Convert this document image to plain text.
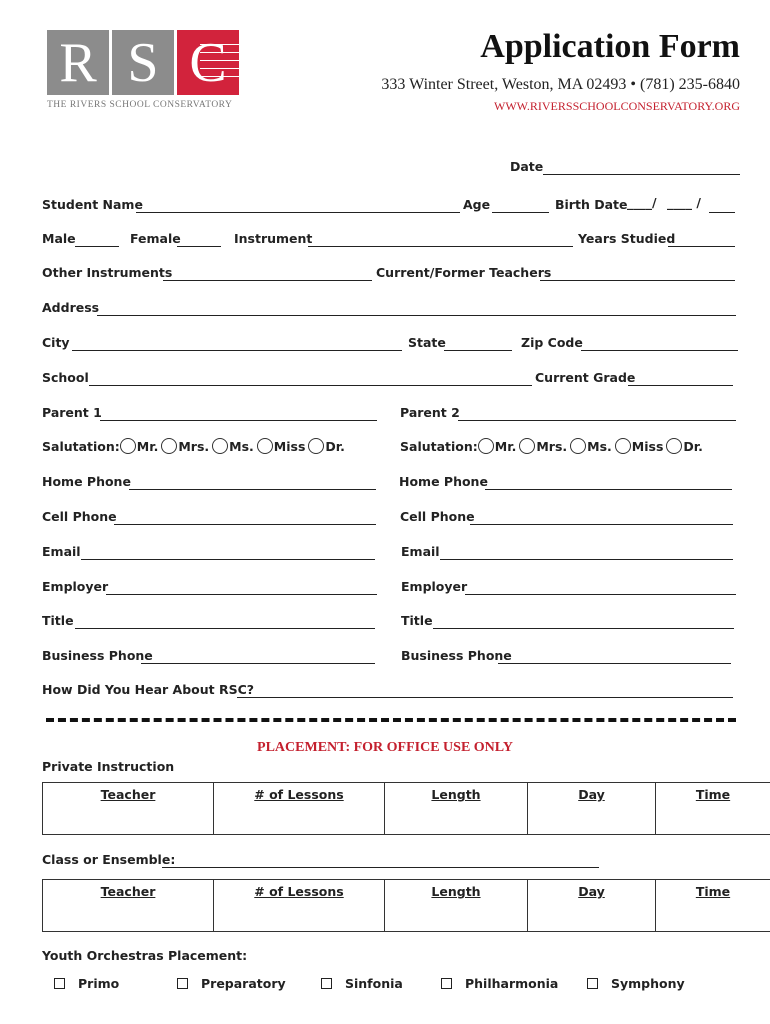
R S C
THE RIVERS SCHOOL CONSERVATORY
Application Form
333 Winter Street, Weston, MA 02493 • (781) 235-6840
WWW.RIVERSSCHOOLCONSERVATORY.ORG
Date
Student Name	Age	Birth Date ____/ ____ /
Male	Female	Instrument	Years Studied
Other Instruments	Current/Former Teachers
Address
City	State	Zip Code
School	Current Grade
Parent 1	Parent 2
Salutation: Mr. Mrs. Ms. Miss Dr.	Salutation: Mr. Mrs. Ms. Miss Dr.
Home Phone	Home Phone
Cell Phone	Cell Phone
Email	Email
Employer	Employer
Title	Title
Business Phone	Business Phone
How Did You Hear About RSC?
PLACEMENT: FOR OFFICE USE ONLY
Private Instruction
Teacher	# of Lessons	Length	Day	Time
Class or Ensemble:
Teacher	# of Lessons	Length	Day	Time
Youth Orchestras Placement:
Primo	Preparatory	Sinfonia	Philharmonia	Symphony
